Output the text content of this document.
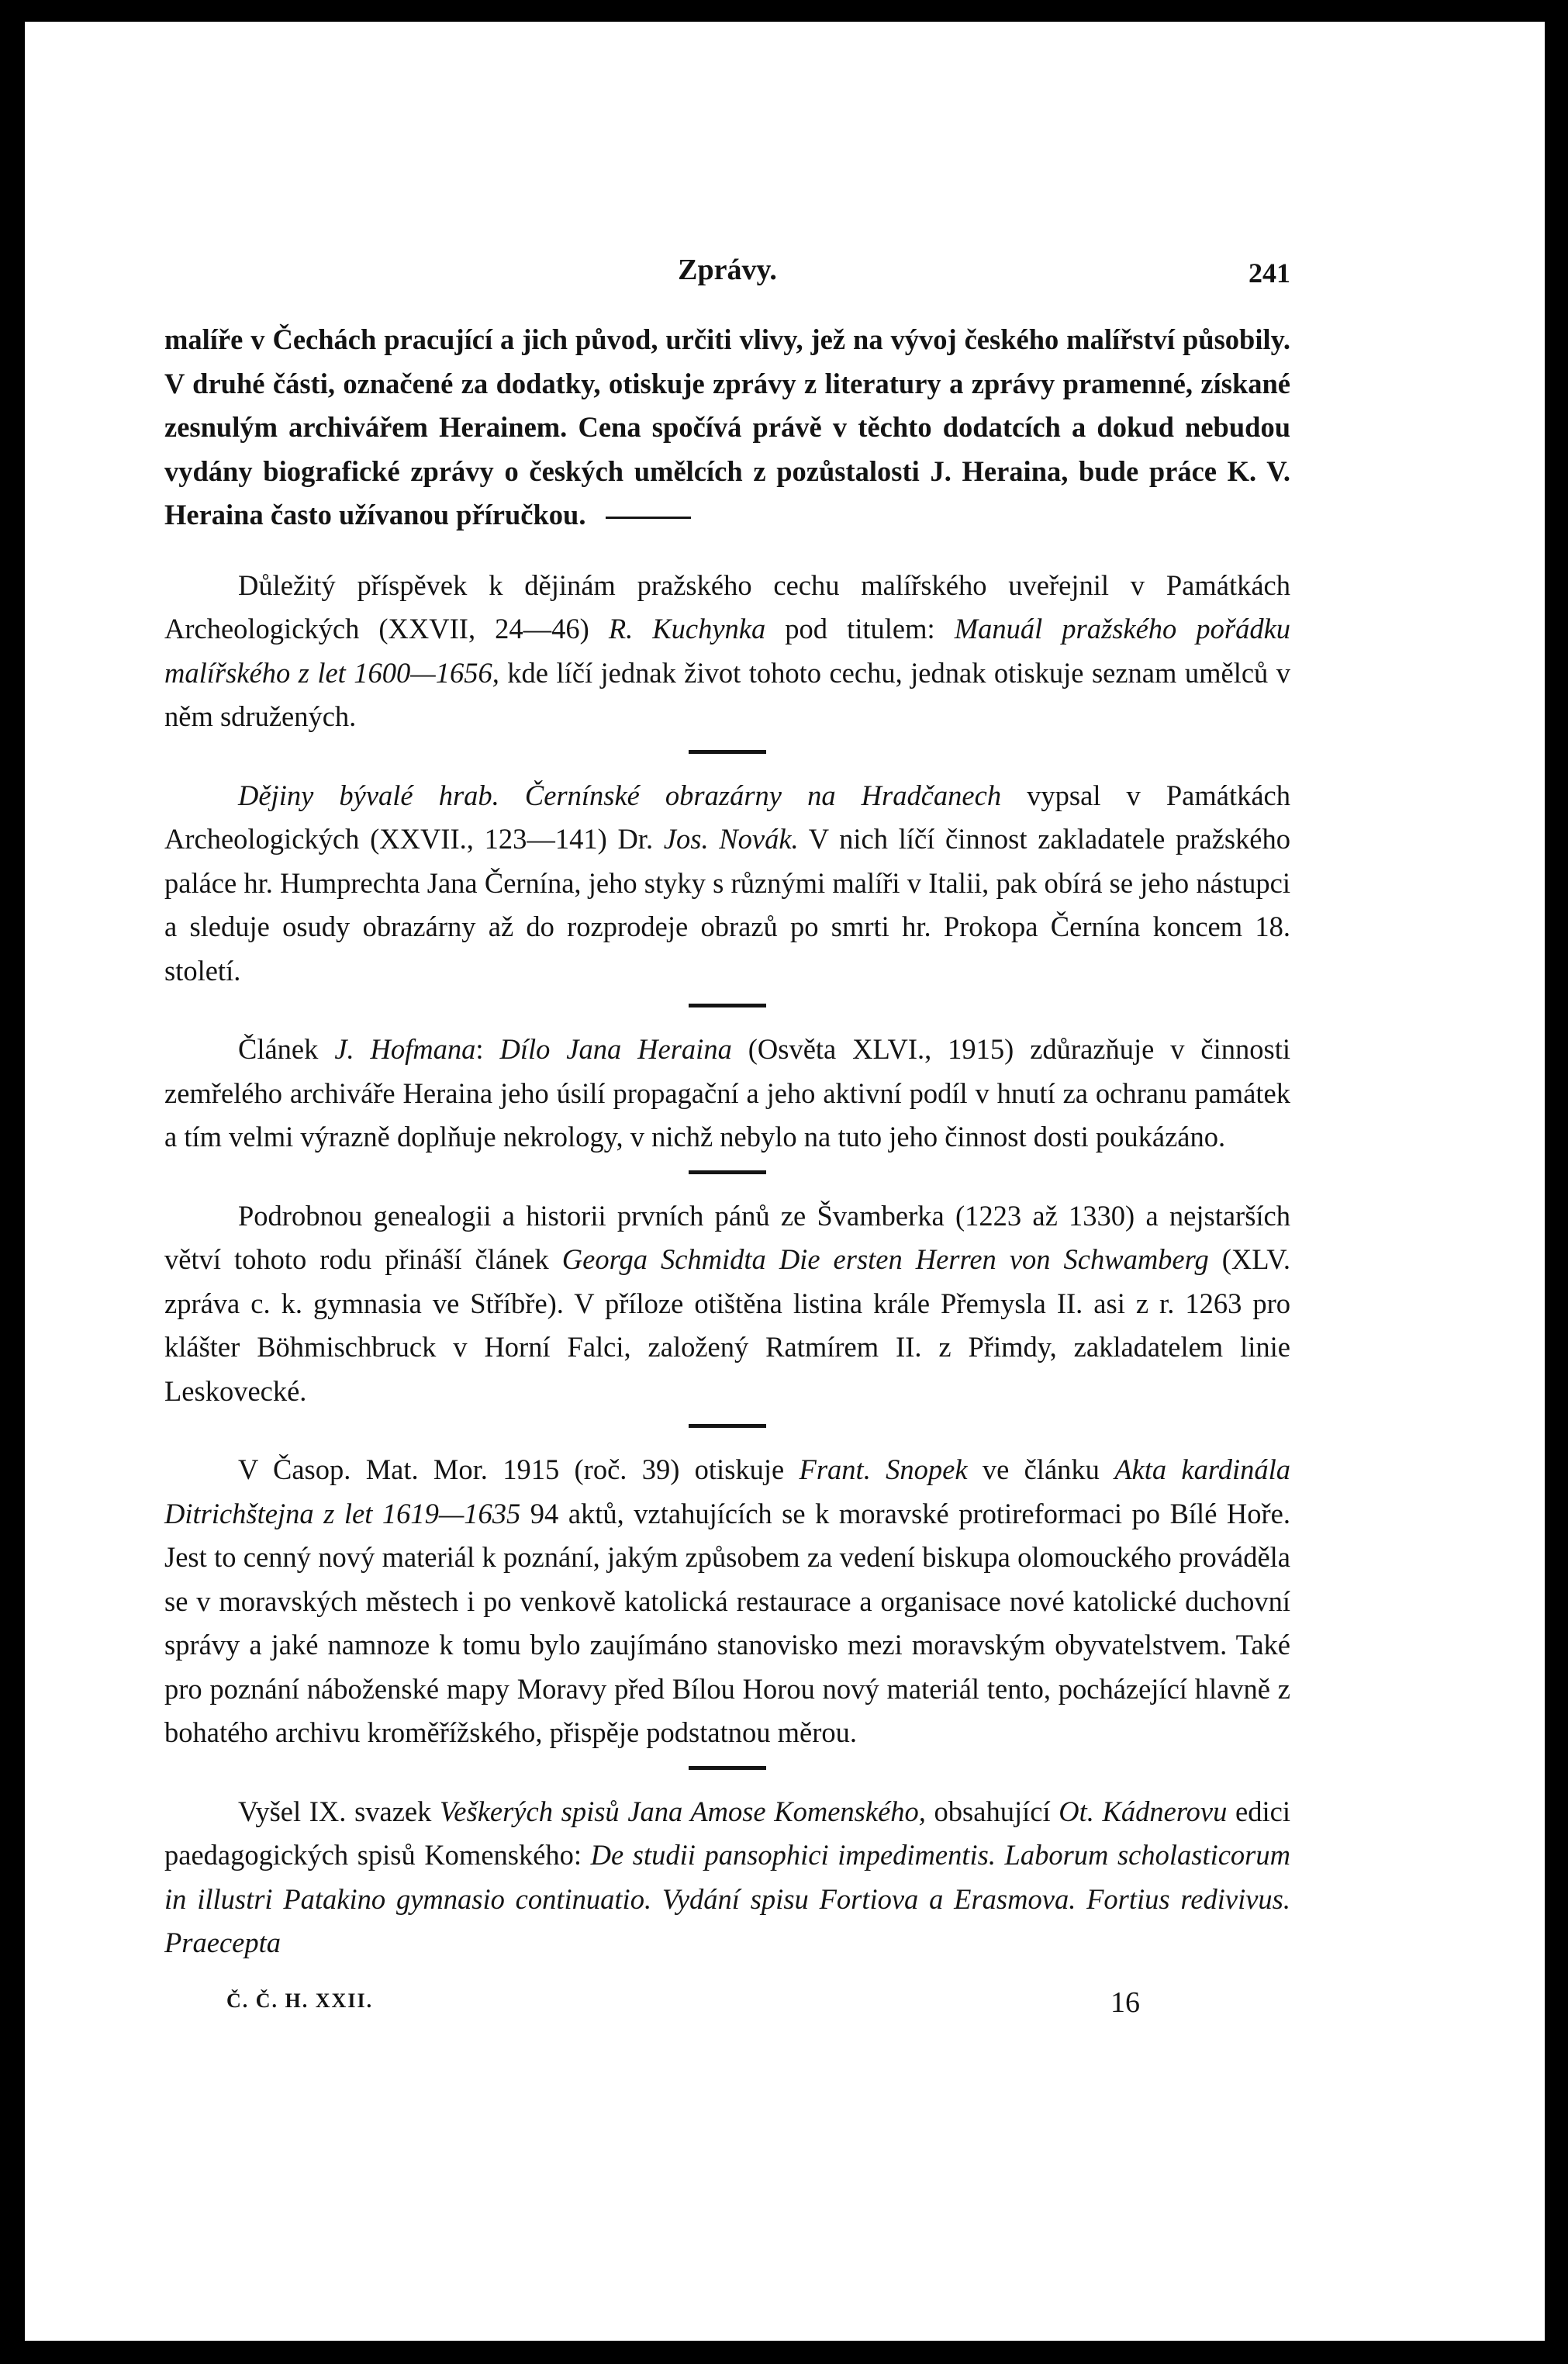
Zprávy.	241

malíře v Čechách pracující a jich původ, určiti vlivy, jež na vývoj českého malířství působily. V druhé části, označené za dodatky, otiskuje zprávy z literatury a zprávy pramenné, získané zesnulým archivářem Herainem. Cena spočívá právě v těchto dodatcích a dokud nebudou vydány biografické zprávy o českých umělcích z pozůstalosti J. Heraina, bude práce K. V. Heraina často užívanou příručkou.

Důležitý příspěvek k dějinám pražského cechu malířského uveřejnil v Památkách Archeologických (XXVII, 24—46) R. Kuchynka pod titulem: Manuál pražského pořádku malířského z let 1600—1656, kde líčí jednak život tohoto cechu, jednak otiskuje seznam umělců v něm sdružených.

Dějiny bývalé hrab. Černínské obrazárny na Hradčanech vypsal v Památkách Archeologických (XXVII., 123—141) Dr. Jos. Novák. V nich líčí činnost zakladatele pražského paláce hr. Humprechta Jana Černína, jeho styky s různými malíři v Italii, pak obírá se jeho nástupci a sleduje osudy obrazárny až do rozprodeje obrazů po smrti hr. Prokopa Černína koncem 18. století.

Článek J. Hofmana: Dílo Jana Heraina (Osvěta XLVI., 1915) zdůrazňuje v činnosti zemřelého archiváře Heraina jeho úsilí propagační a jeho aktivní podíl v hnutí za ochranu památek a tím velmi výrazně doplňuje nekrology, v nichž nebylo na tuto jeho činnost dosti poukázáno.

Podrobnou genealogii a historii prvních pánů ze Švamberka (1223 až 1330) a nejstarších větví tohoto rodu přináší článek Georga Schmidta Die ersten Herren von Schwamberg (XLV. zpráva c. k. gymnasia ve Stříbře). V příloze otištěna listina krále Přemysla II. asi z r. 1263 pro klášter Böhmischbruck v Horní Falci, založený Ratmírem II. z Přimdy, zakladatelem linie Leskovecké.

V Časop. Mat. Mor. 1915 (roč. 39) otiskuje Frant. Snopek ve článku Akta kardinála Ditrichštejna z let 1619—1635 94 aktů, vztahujících se k moravské protireformaci po Bílé Hoře. Jest to cenný nový materiál k poznání, jakým způsobem za vedení biskupa olomouckého prováděla se v moravských městech i po venkově katolická restaurace a organisace nové katolické duchovní správy a jaké namnoze k tomu bylo zaujímáno stanovisko mezi moravským obyvatelstvem. Také pro poznání náboženské mapy Moravy před Bílou Horou nový materiál tento, pocházející hlavně z bohatého archivu kroměřížského, přispěje podstatnou měrou.

Vyšel IX. svazek Veškerých spisů Jana Amose Komenského, obsahující Ot. Kádnerovu edici paedagogických spisů Komenského: De studii pansophici impedimentis. Laborum scholasticorum in illustri Patakino gymnasio continuatio. Vydání spisu Fortiova a Erasmova. Fortius redivivus. Praecepta

Č. Č. H. XXII.	16
